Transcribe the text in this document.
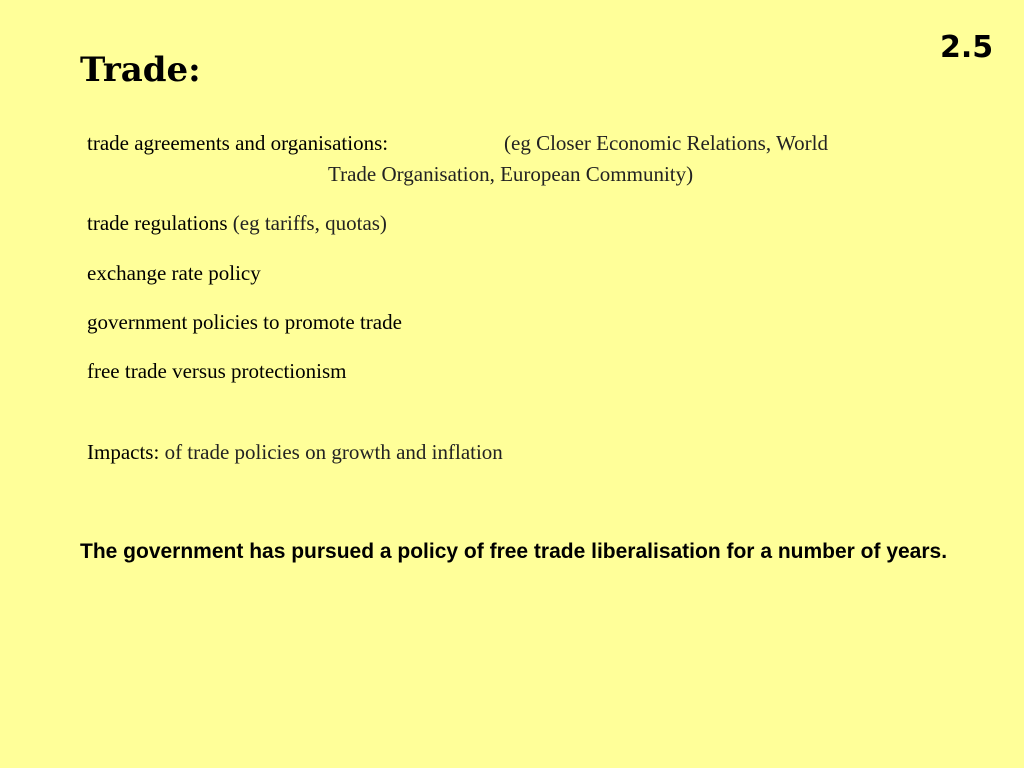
2.5
Trade:
trade agreements and organisations:	(eg Closer Economic Relations, World
Trade Organisation, European Community)
trade regulations (eg tariffs, quotas)
exchange rate policy
government policies to promote trade
free trade versus protectionism
Impacts: of trade policies on growth and inflation

The government has pursued a policy of free trade liberalisation for a number of years.
